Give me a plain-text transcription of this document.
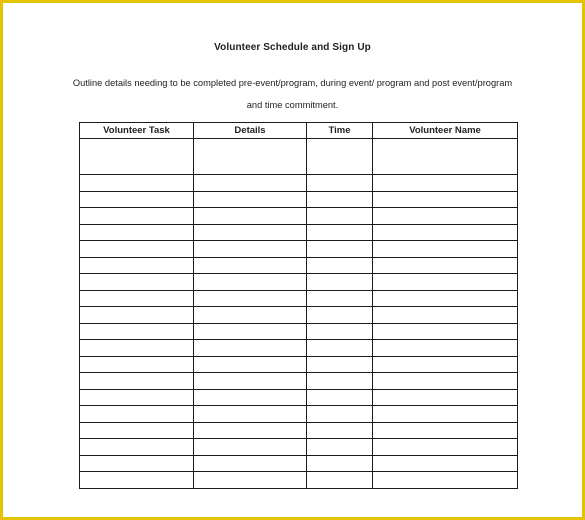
Volunteer Schedule and Sign Up
Outline details needing to be completed pre-event/program, during event/ program and post event/program
and time commitment.
Volunteer Task	Details	Time	Volunteer Name
